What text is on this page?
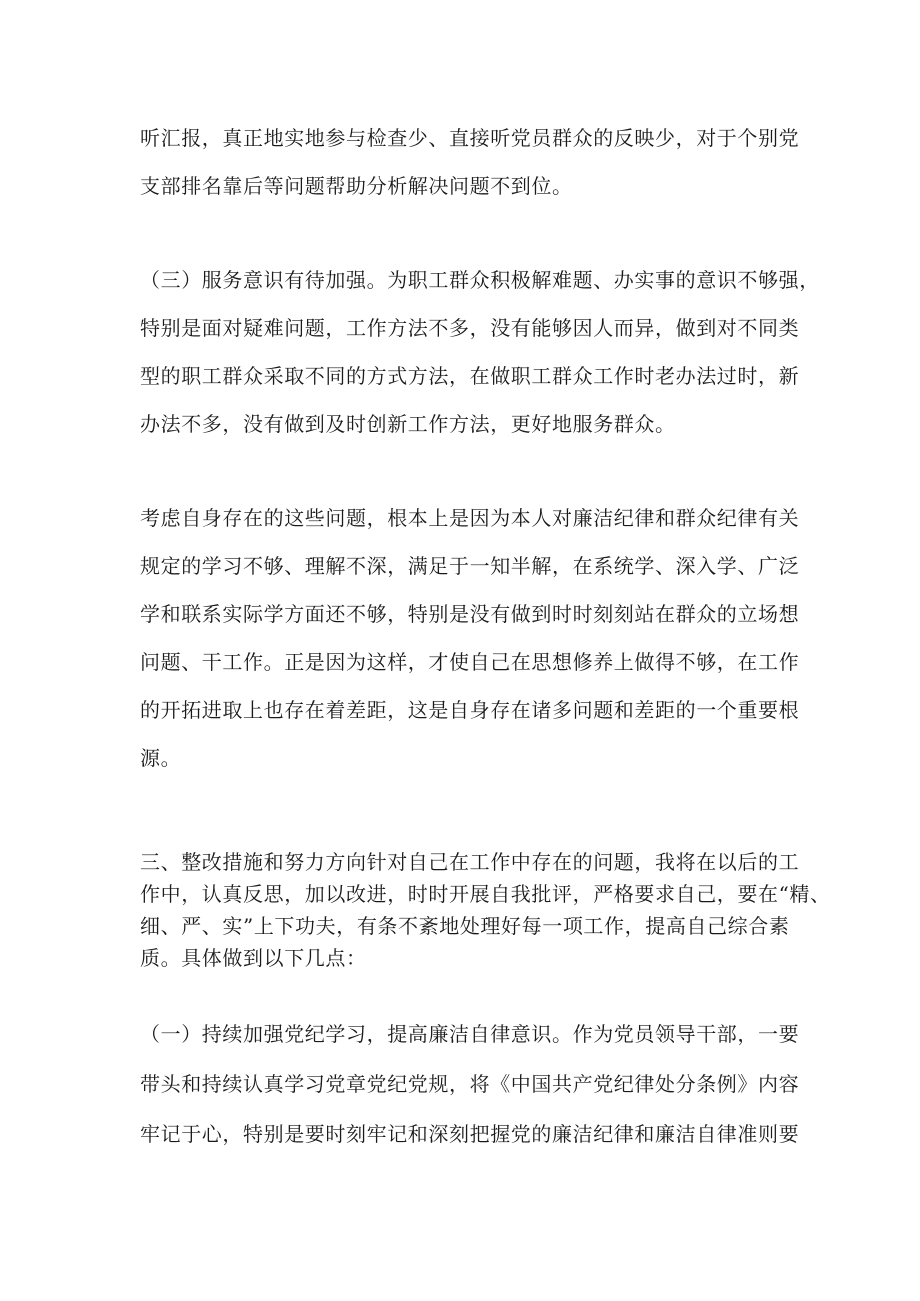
听汇报，真正地实地参与检查少、直接听党员群众的反映少，对于个别党
支部排名靠后等问题帮助分析解决问题不到位。
（三）服务意识有待加强。为职工群众积极解难题、办实事的意识不够强，
特别是面对疑难问题，工作方法不多，没有能够因人而异，做到对不同类
型的职工群众采取不同的方式方法，在做职工群众工作时老办法过时，新
办法不多，没有做到及时创新工作方法，更好地服务群众。
考虑自身存在的这些问题，根本上是因为本人对廉洁纪律和群众纪律有关
规定的学习不够、理解不深，满足于一知半解，在系统学、深入学、广泛
学和联系实际学方面还不够，特别是没有做到时时刻刻站在群众的立场想
问题、干工作。正是因为这样，才使自己在思想修养上做得不够，在工作
的开拓进取上也存在着差距，这是自身存在诸多问题和差距的一个重要根
源。
三、整改措施和努力方向针对自己在工作中存在的问题，我将在以后的工
作中，认真反思，加以改进，时时开展自我批评，严格要求自己，要在“精、
细、严、实”上下功夫，有条不紊地处理好每一项工作，提高自己综合素
质。具体做到以下几点：
（一）持续加强党纪学习，提高廉洁自律意识。作为党员领导干部，一要
带头和持续认真学习党章党纪党规，将《中国共产党纪律处分条例》内容
牢记于心，特别是要时刻牢记和深刻把握党的廉洁纪律和廉洁自律准则要
